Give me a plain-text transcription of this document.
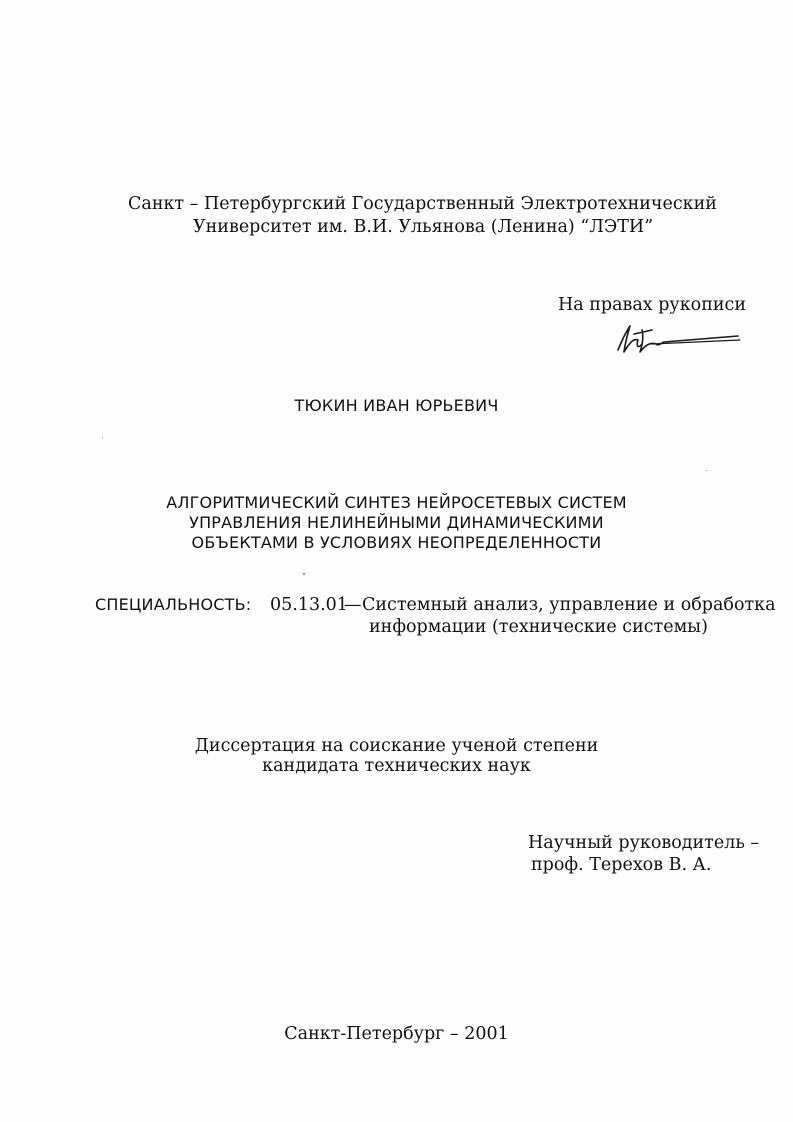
Санкт – Петербургский Государственный Электротехнический
Университет им. В.И. Ульянова (Ленина) “ЛЭТИ”
На правах рукописи
ТЮКИН ИВАН ЮРЬЕВИЧ
АЛГОРИТМИЧЕСКИЙ СИНТЕЗ НЕЙРОСЕТЕВЫХ СИСТЕМ
УПРАВЛЕНИЯ НЕЛИНЕЙНЫМИ ДИНАМИЧЕСКИМИ
ОБЪЕКТАМИ В УСЛОВИЯХ НЕОПРЕДЕЛЕННОСТИ
СПЕЦИАЛЬНОСТЬ: 05.13.01
— Системный анализ, управление и обработка
информации (технические системы)
Диссертация на соискание ученой степени
кандидата технических наук
Научный руководитель –
проф. Терехов В. А.
Санкт-Петербург – 2001
